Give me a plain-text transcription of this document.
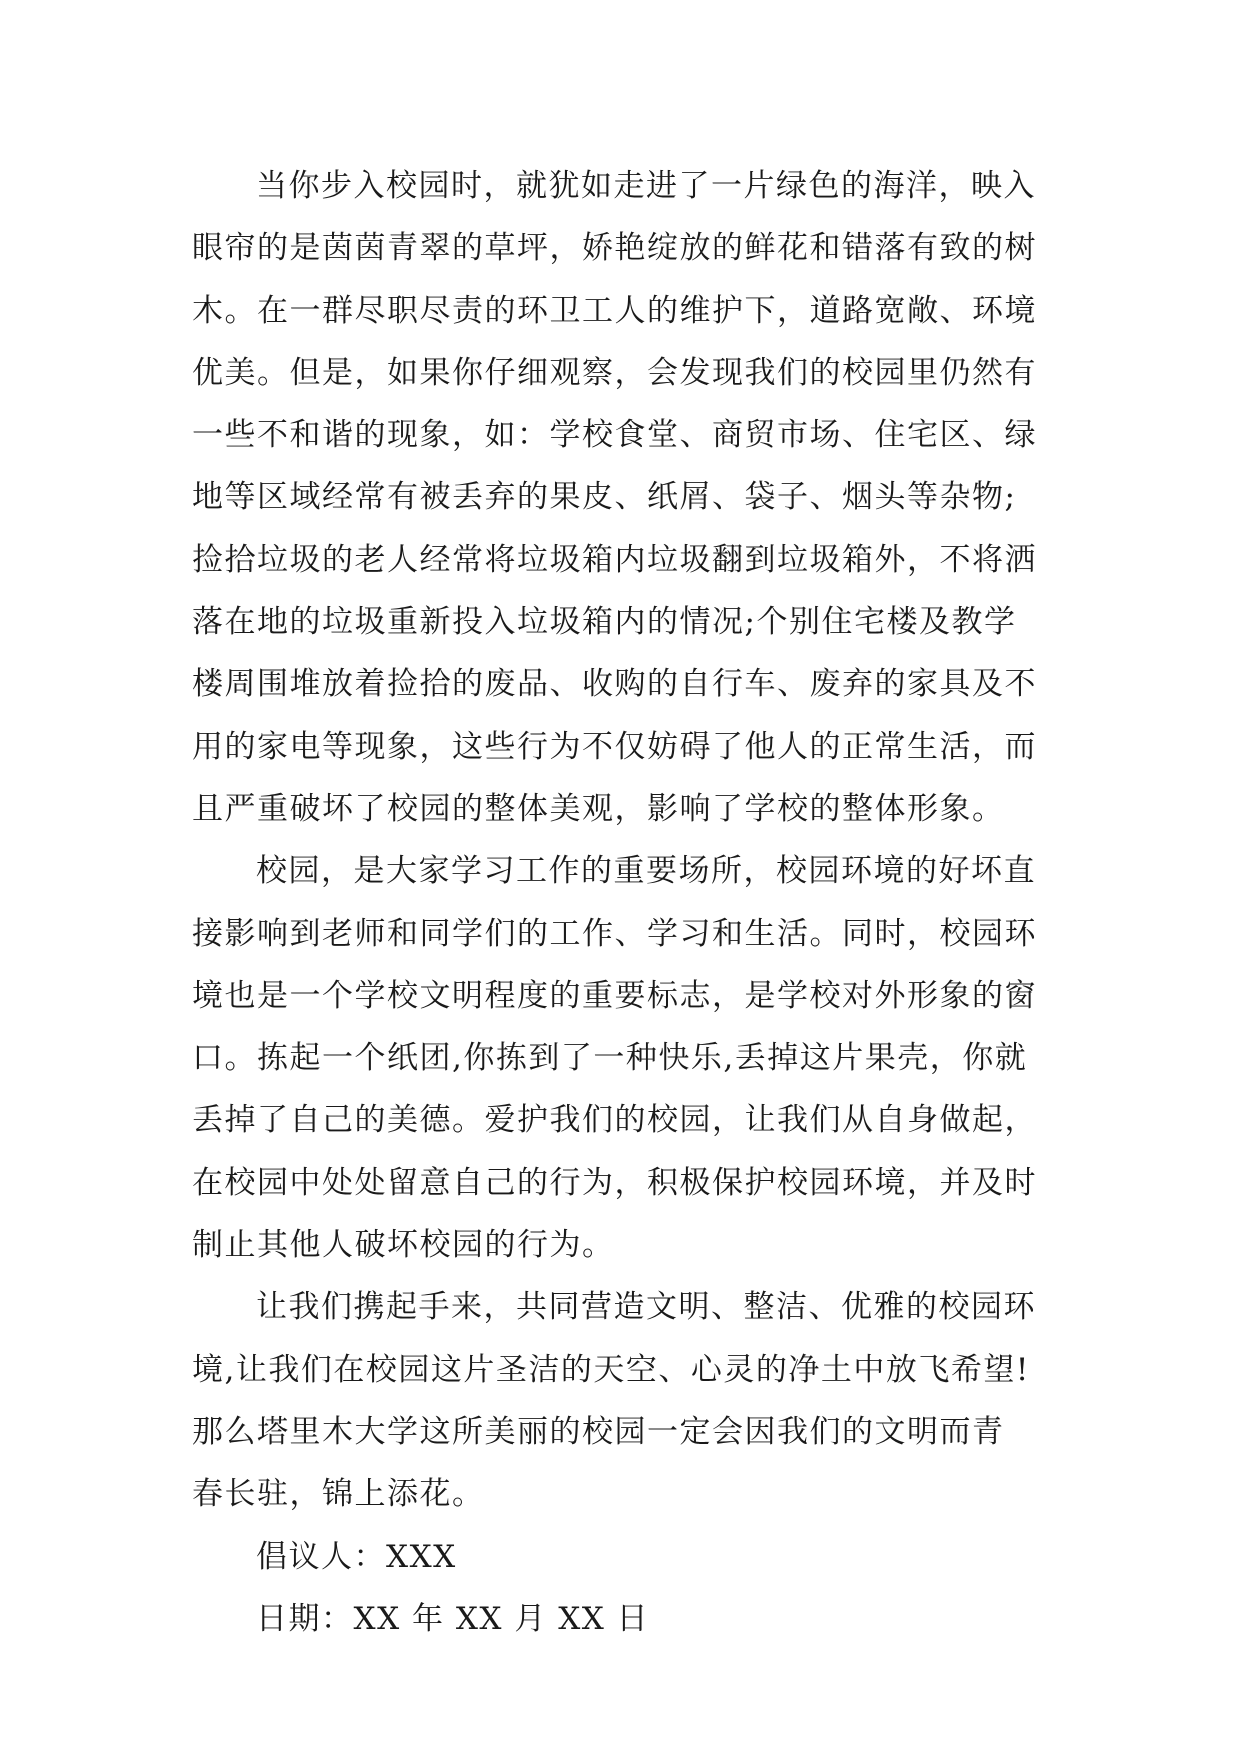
当你步入校园时，就犹如走进了一片绿色的海洋，映入
眼帘的是茵茵青翠的草坪，娇艳绽放的鲜花和错落有致的树
木。在一群尽职尽责的环卫工人的维护下，道路宽敞、环境
优美。但是，如果你仔细观察，会发现我们的校园里仍然有
一些不和谐的现象，如：学校食堂、商贸市场、住宅区、绿
地等区域经常有被丢弃的果皮、纸屑、袋子、烟头等杂物;
捡拾垃圾的老人经常将垃圾箱内垃圾翻到垃圾箱外，不将洒
落在地的垃圾重新投入垃圾箱内的情况;个别住宅楼及教学
楼周围堆放着捡拾的废品、收购的自行车、废弃的家具及不
用的家电等现象，这些行为不仅妨碍了他人的正常生活，而
且严重破坏了校园的整体美观，影响了学校的整体形象。
校园，是大家学习工作的重要场所，校园环境的好坏直
接影响到老师和同学们的工作、学习和生活。同时，校园环
境也是一个学校文明程度的重要标志，是学校对外形象的窗
口。拣起一个纸团,你拣到了一种快乐,丢掉这片果壳，你就
丢掉了自己的美德。爱护我们的校园，让我们从自身做起，
在校园中处处留意自己的行为，积极保护校园环境，并及时
制止其他人破坏校园的行为。
让我们携起手来，共同营造文明、整洁、优雅的校园环
境,让我们在校园这片圣洁的天空、心灵的净土中放飞希望!
那么塔里木大学这所美丽的校园一定会因我们的文明而青
春长驻，锦上添花。
倡议人：XXX
日期：XX 年 XX 月 XX 日
